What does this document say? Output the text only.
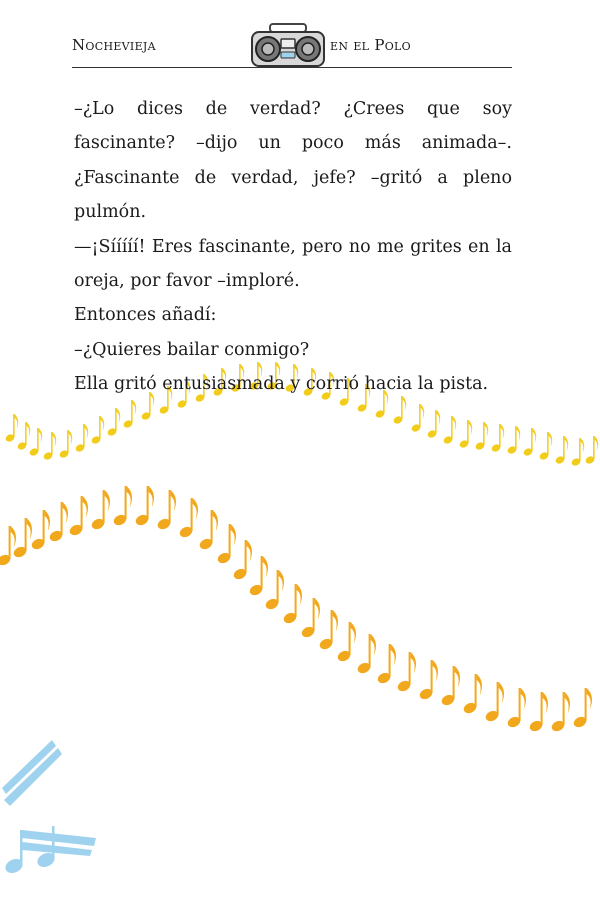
Nochevieja	en el Polo

–¿Lo dices de verdad? ¿Crees que soy fascinante? –dijo un poco más animada–. ¿Fascinante de verdad, jefe? –gritó a pleno pulmón.

—¡Sííííí! Eres fascinante, pero no me grites en la oreja, por favor –imploré.

Entonces añadí:

–¿Quieres bailar conmigo?

Ella gritó entusiasmada y corrió hacia la pista.
